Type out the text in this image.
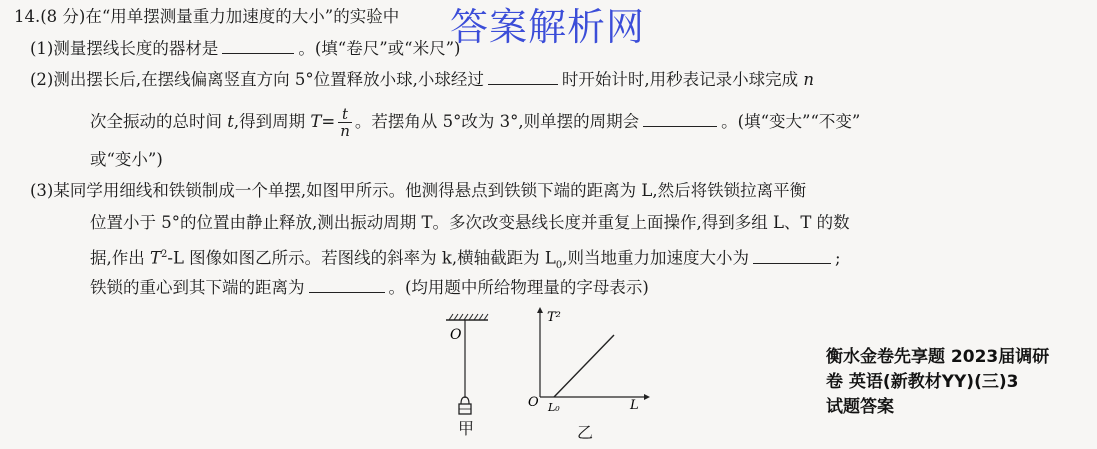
答案解析网
14.(8 分)在“用单摆测量重力加速度的大小”的实验中
(1)测量摆线长度的器材是	。(填“卷尺”或“米尺”)
(2)测出摆长后,在摆线偏离竖直方向 5°位置释放小球,小球经过	时开始计时,用秒表记录小球完成 n
次全振动的总时间 t,得到周期 $T= \frac{t}{n}$ 。若摆角从 5°改为 3°,则单摆的周期会	。(填“变大”“不变”
或“变小”)
(3)某同学用细线和铁锁制成一个单摆,如图甲所示。他测得悬点到铁锁下端的距离为 L,然后将铁锁拉离平衡
位置小于 5°的位置由静止释放,测出振动周期 T。多次改变悬线长度并重复上面操作,得到多组 L、T 的数
据,作出 $T^2-L$ 图像如图乙所示。若图线的斜率为 k,横轴截距为 $L_0$,则当地重力加速度大小为	;
铁锁的重心到其下端的距离为	。(均用题中所给物理量的字母表示)
O
甲
T²
O L₀	L
乙
衡水金卷先享题 2023届调研
卷 英语(新教材YY)(三)3
试题答案
